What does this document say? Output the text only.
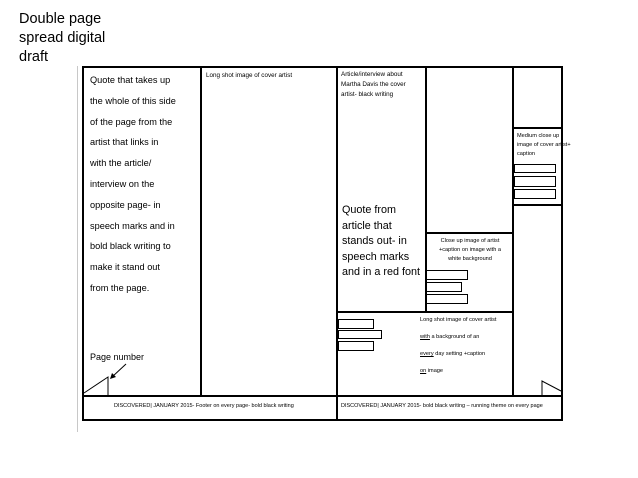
Double page
spread digital
draft
Quote that takes up
the whole of this side
of the page from the
artist that links in
with the article/
interview on the
opposite page- in
speech marks and in
bold black writing to
make it stand out
from the page.
Long shot image of cover artist
Page number
DISCOVERED| JANUARY 2015- Footer on every page- bold black writing	DISCOVERED| JANUARY 2015- bold black writing – running theme on every page
Article/interview about
Martha Davis the cover
artist- black writing
Quote from
article that
stands out- in
speech marks
and in a red font
Medium close up
image of cover artist+
caption
Close up image of artist
+caption on image with a
white background
Long shot image of cover artist
with a background of an
every day setting +caption
on image
